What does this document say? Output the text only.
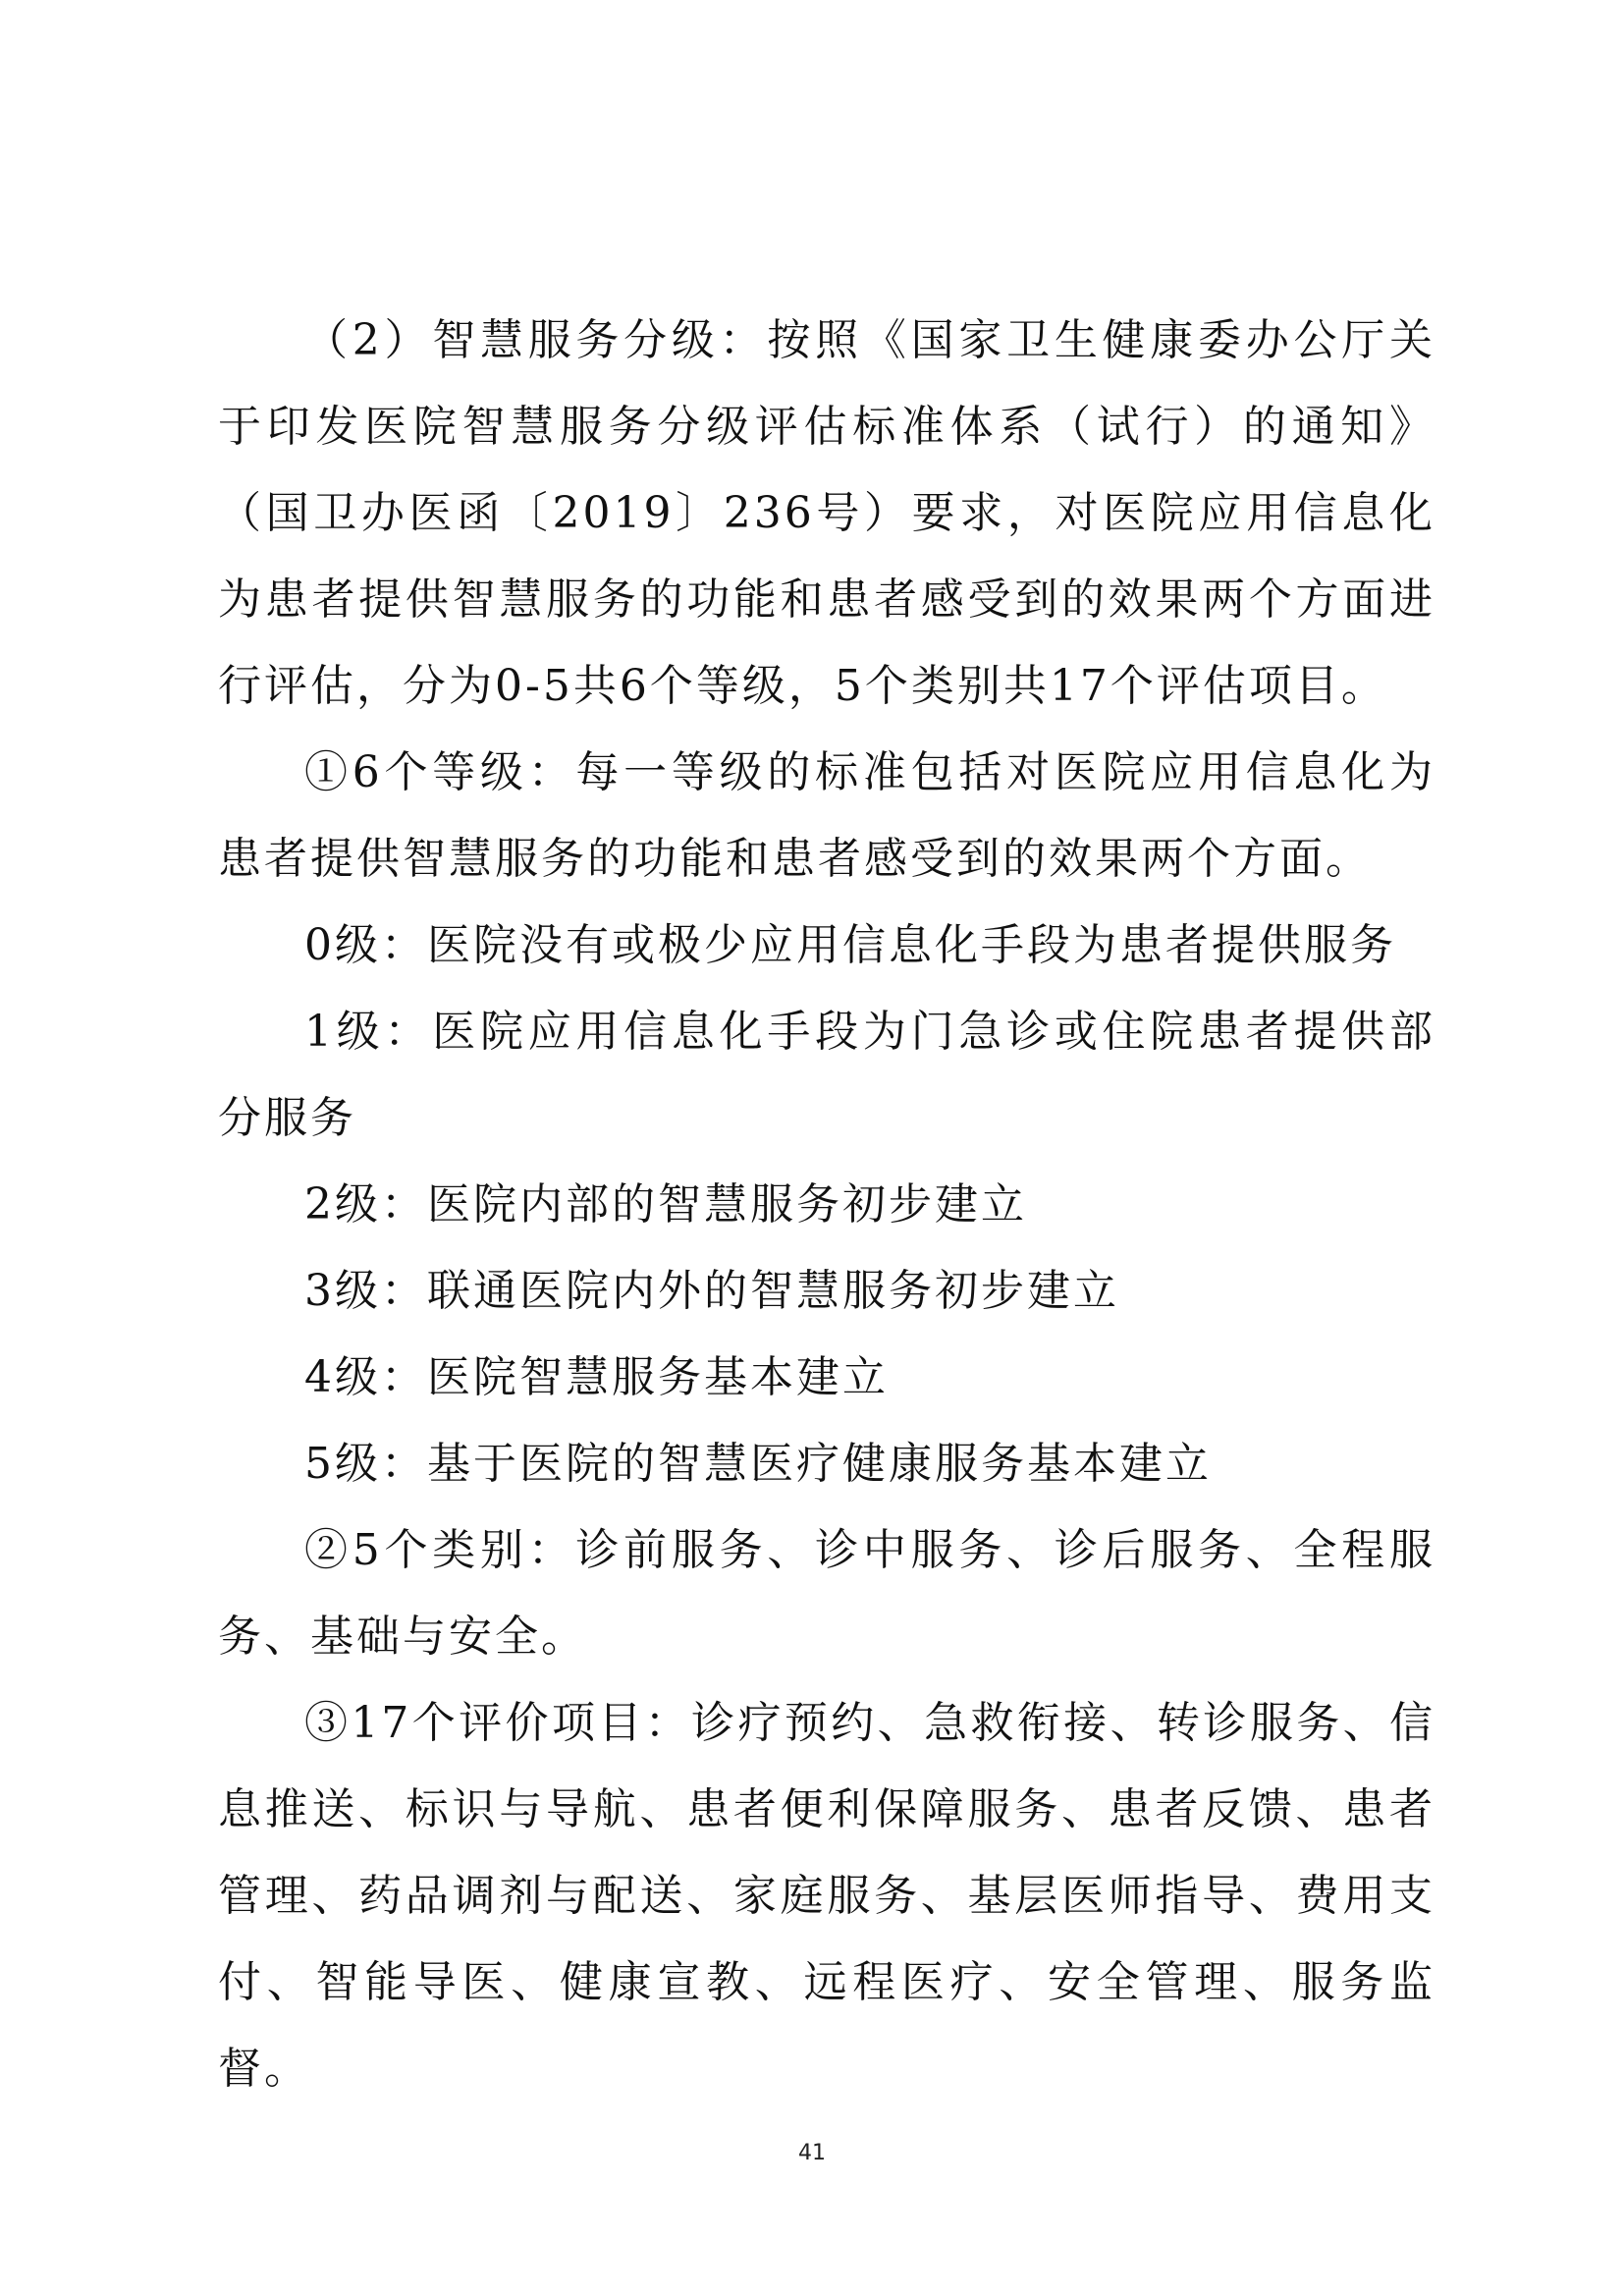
（2）智慧服务分级：按照《国家卫生健康委办公厅关于印发医院智慧服务分级评估标准体系（试行）的通知》（国卫办医函〔2019〕236号）要求，对医院应用信息化为患者提供智慧服务的功能和患者感受到的效果两个方面进行评估，分为0-5共6个等级，5个类别共17个评估项目。

①6个等级：每一等级的标准包括对医院应用信息化为患者提供智慧服务的功能和患者感受到的效果两个方面。

0级：医院没有或极少应用信息化手段为患者提供服务

1级：医院应用信息化手段为门急诊或住院患者提供部分服务

2级：医院内部的智慧服务初步建立

3级：联通医院内外的智慧服务初步建立

4级：医院智慧服务基本建立

5级：基于医院的智慧医疗健康服务基本建立

②5个类别：诊前服务、诊中服务、诊后服务、全程服务、基础与安全。

③17个评价项目：诊疗预约、急救衔接、转诊服务、信息推送、标识与导航、患者便利保障服务、患者反馈、患者管理、药品调剂与配送、家庭服务、基层医师指导、费用支付、智能导医、健康宣教、远程医疗、安全管理、服务监督。

41
